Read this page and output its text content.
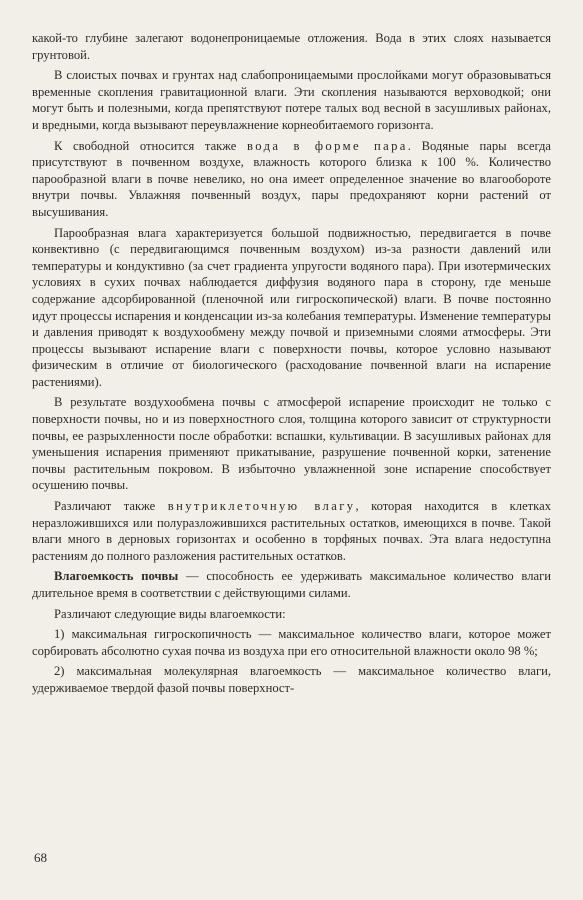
какой-то глубине залегают водонепроницаемые отложения. Вода в этих слоях называется грунтовой.

В слоистых почвах и грунтах над слабопроницаемыми прослойками могут образовываться временные скопления гравитационной влаги. Эти скопления называются верховодкой; они могут быть и полезными, когда препятствуют потере талых вод весной в засушливых районах, и вредными, когда вызывают переувлажнение корнеобитаемого горизонта.

К свободной относится также вода в форме пара. Водяные пары всегда присутствуют в почвенном воздухе, влажность которого близка к 100 %. Количество парообразной влаги в почве невелико, но она имеет определенное значение во влагообороте внутри почвы. Увлажняя почвенный воздух, пары предохраняют корни растений от высушивания.

Парообразная влага характеризуется большой подвижностью, передвигается в почве конвективно (с передвигающимся почвенным воздухом) из-за разности давлений или температуры и кондуктивно (за счет градиента упругости водяного пара). При изотермических условиях в сухих почвах наблюдается диффузия водяного пара в сторону, где меньше содержание адсорбированной (пленочной или гигроскопической) влаги. В почве постоянно идут процессы испарения и конденсации из-за колебания температуры. Изменение температуры и давления приводят к воздухообмену между почвой и приземными слоями атмосферы. Эти процессы вызывают испарение влаги с поверхности почвы, которое условно называют физическим в отличие от биологического (расходование почвенной влаги на испарение растениями).

В результате воздухообмена почвы с атмосферой испарение происходит не только с поверхности почвы, но и из поверхностного слоя, толщина которого зависит от структурности почвы, ее разрыхленности после обработки: вспашки, культивации. В засушливых районах для уменьшения испарения применяют прикатывание, разрушение почвенной корки, затенение почвы растительным покровом. В избыточно увлажненной зоне испарение способствует осушению почвы.

Различают также внутриклеточную влагу, которая находится в клетках неразложившихся или полуразложившихся растительных остатков, имеющихся в почве. Такой влаги много в дерновых горизонтах и особенно в торфяных почвах. Эта влага недоступна растениям до полного разложения растительных остатков.

Влагоемкость почвы — способность ее удерживать максимальное количество влаги длительное время в соответствии с действующими силами.

Различают следующие виды влагоемкости:

1) максимальная гигроскопичность — максимальное количество влаги, которое может сорбировать абсолютно сухая почва из воздуха при его относительной влажности около 98 %;

2) максимальная молекулярная влагоемкость — максимальное количество влаги, удерживаемое твердой фазой почвы поверхност-

68
